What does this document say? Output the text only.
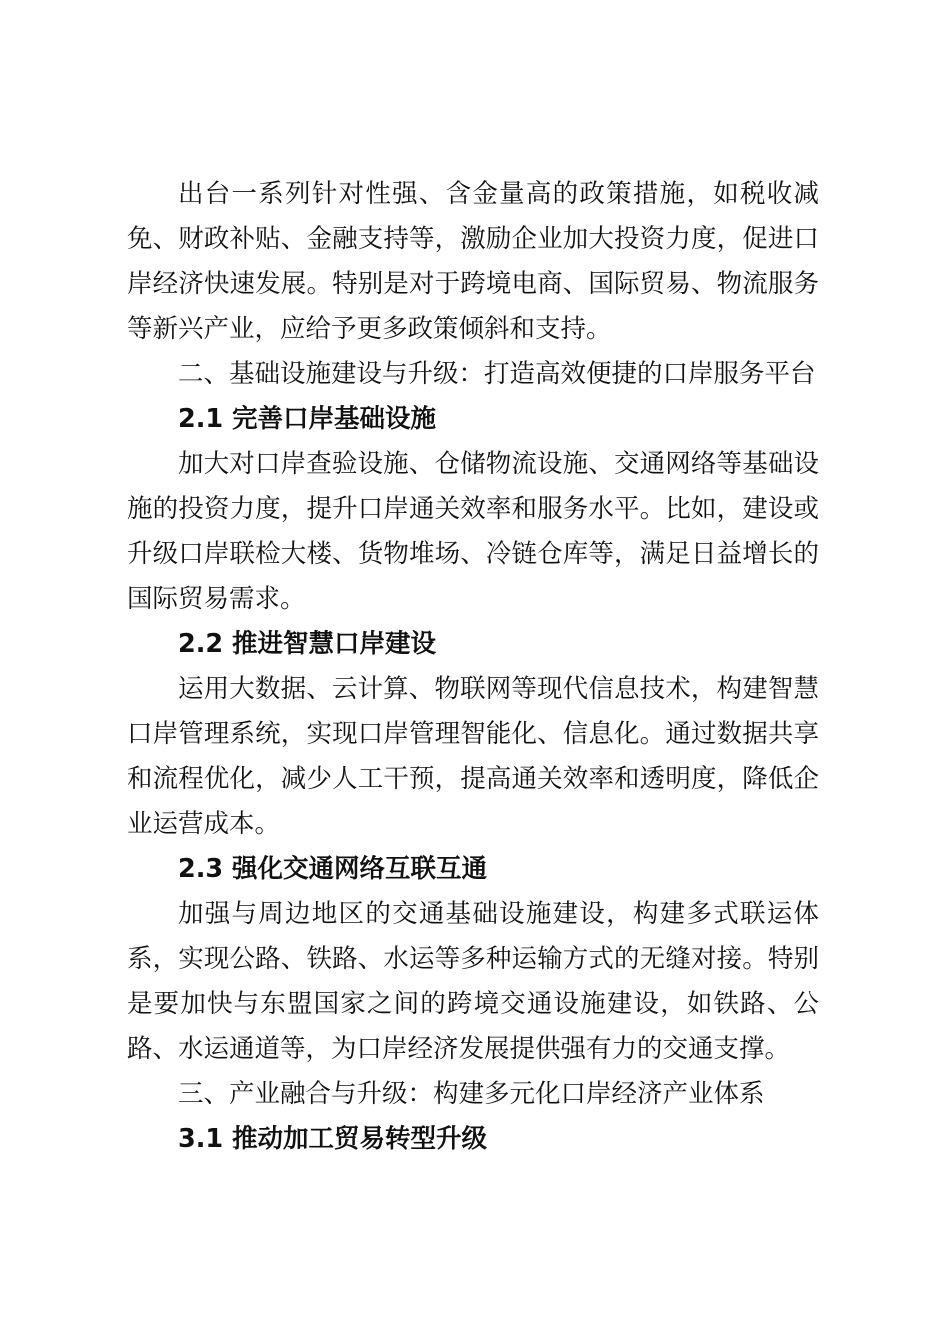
出台一系列针对性强、含金量高的政策措施，如税收减免、财政补贴、金融支持等，激励企业加大投资力度，促进口岸经济快速发展。特别是对于跨境电商、国际贸易、物流服务等新兴产业，应给予更多政策倾斜和支持。

二、基础设施建设与升级：打造高效便捷的口岸服务平台

2.1 完善口岸基础设施

加大对口岸查验设施、仓储物流设施、交通网络等基础设施的投资力度，提升口岸通关效率和服务水平。比如，建设或升级口岸联检大楼、货物堆场、冷链仓库等，满足日益增长的国际贸易需求。

2.2 推进智慧口岸建设

运用大数据、云计算、物联网等现代信息技术，构建智慧口岸管理系统，实现口岸管理智能化、信息化。通过数据共享和流程优化，减少人工干预，提高通关效率和透明度，降低企业运营成本。

2.3 强化交通网络互联互通

加强与周边地区的交通基础设施建设，构建多式联运体系，实现公路、铁路、水运等多种运输方式的无缝对接。特别是要加快与东盟国家之间的跨境交通设施建设，如铁路、公路、水运通道等，为口岸经济发展提供强有力的交通支撑。

三、产业融合与升级：构建多元化口岸经济产业体系

3.1 推动加工贸易转型升级
